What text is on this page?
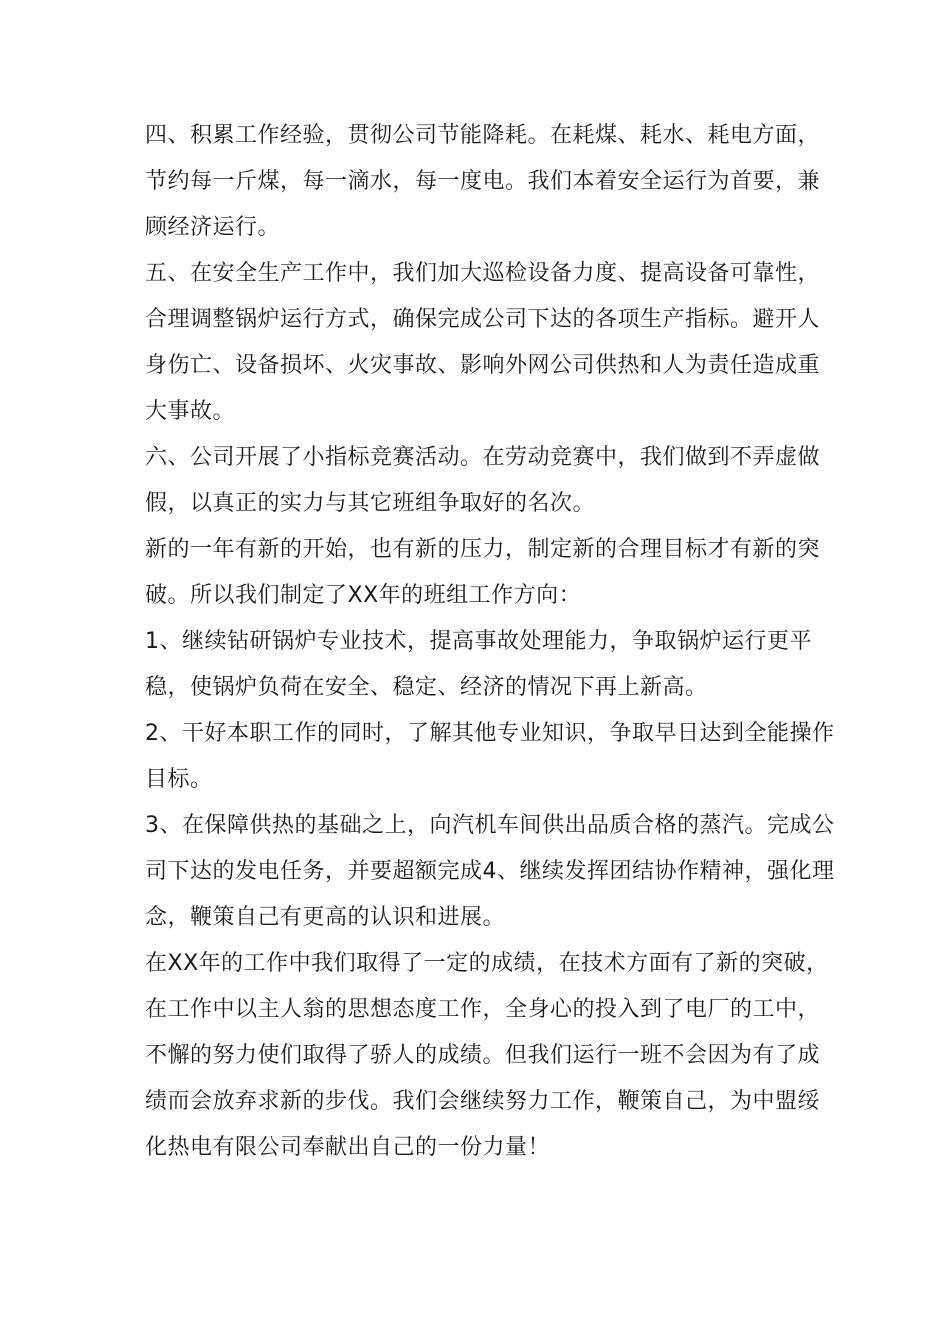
四、积累工作经验，贯彻公司节能降耗。在耗煤、耗水、耗电方面，节约每一斤煤，每一滴水，每一度电。我们本着安全运行为首要，兼顾经济运行。

五、在安全生产工作中，我们加大巡检设备力度、提高设备可靠性，合理调整锅炉运行方式，确保完成公司下达的各项生产指标。避开人身伤亡、设备损坏、火灾事故、影响外网公司供热和人为责任造成重大事故。

六、公司开展了小指标竞赛活动。在劳动竞赛中，我们做到不弄虚做假，以真正的实力与其它班组争取好的名次。

新的一年有新的开始，也有新的压力，制定新的合理目标才有新的突破。所以我们制定了XX年的班组工作方向：

1、继续钻研锅炉专业技术，提高事故处理能力，争取锅炉运行更平稳，使锅炉负荷在安全、稳定、经济的情况下再上新高。

2、干好本职工作的同时，了解其他专业知识，争取早日达到全能操作目标。

3、在保障供热的基础之上，向汽机车间供出品质合格的蒸汽。完成公司下达的发电任务，并要超额完成4、继续发挥团结协作精神，强化理念，鞭策自己有更高的认识和进展。

在XX年的工作中我们取得了一定的成绩，在技术方面有了新的突破，在工作中以主人翁的思想态度工作，全身心的投入到了电厂的工中，不懈的努力使们取得了骄人的成绩。但我们运行一班不会因为有了成绩而会放弃求新的步伐。我们会继续努力工作，鞭策自己，为中盟绥化热电有限公司奉献出自己的一份力量！
